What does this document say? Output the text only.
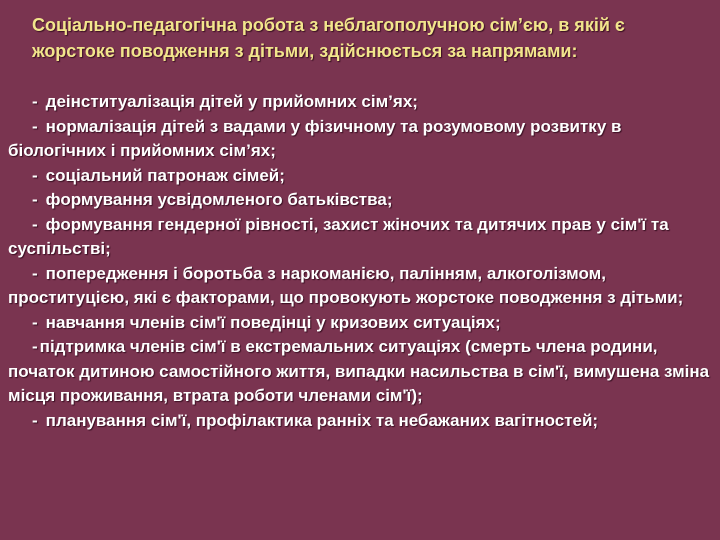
Соціально-педагогічна робота з неблагополучною сім’єю, в якій є жорстоке поводження з дітьми, здійснюється за напрямами:

- деінституалізація дітей у прийомних сім’ях;

- нормалізація дітей з вадами у фізичному та розумовому розвитку в біологічних і прийомних сім’ях;

- соціальний патронаж сімей;

- формування усвідомленого батьківства;

- формування гендерної рівності, захист жіночих та дитячих прав у сім'ї та суспільстві;

- попередження і боротьба з наркоманією, палінням, алкоголізмом, проституцією, які є факторами, що провокують жорстоке поводження з дітьми;

- навчання членів сім'ї поведінці у кризових ситуаціях;

- підтримка членів сім'ї в екстремальних ситуаціях (смерть члена родини, початок дитиною самостійного життя, випадки насильства в сім'ї, вимушена зміна місця проживання, втрата роботи членами сім'ї);

- планування сім'ї, профілактика ранніх та небажаних вагітностей;
